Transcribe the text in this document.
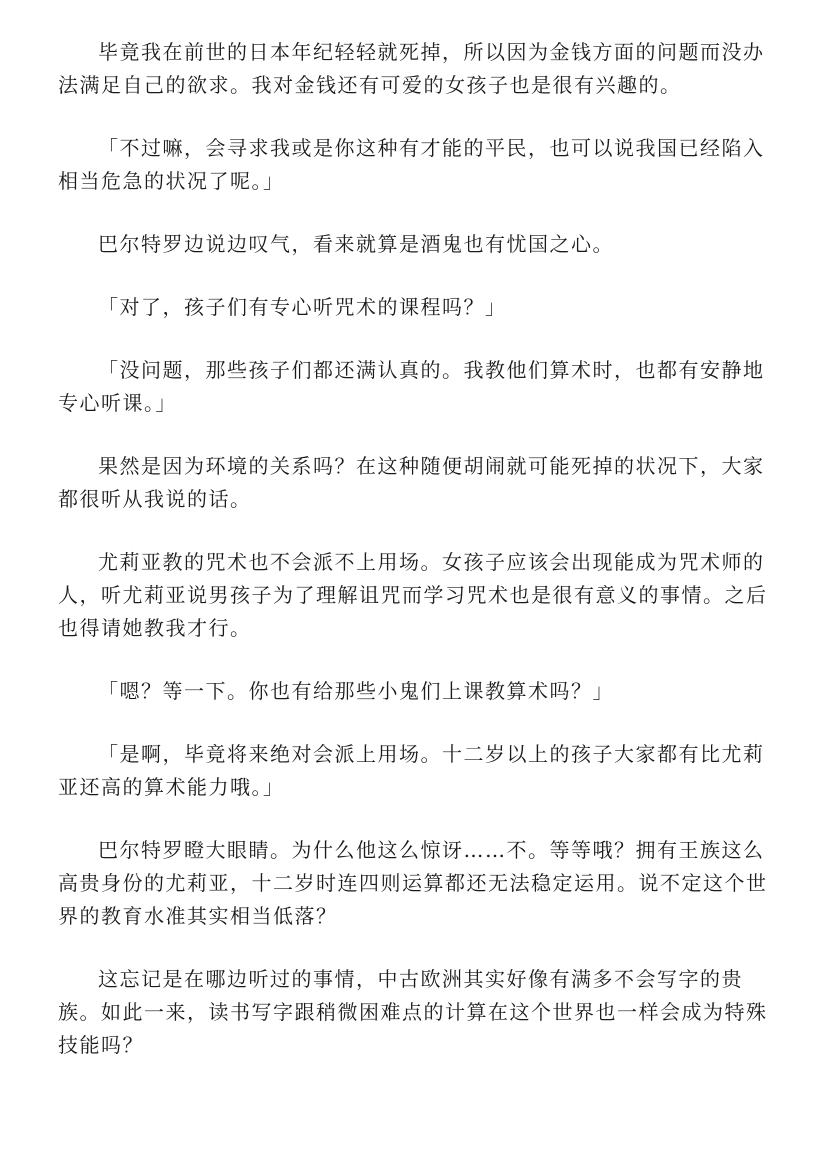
毕竟我在前世的日本年纪轻轻就死掉，所以因为金钱方面的问题而没办法满足自己的欲求。我对金钱还有可爱的女孩子也是很有兴趣的。

「不过嘛，会寻求我或是你这种有才能的平民，也可以说我国已经陷入相当危急的状况了呢。」

巴尔特罗边说边叹气，看来就算是酒鬼也有忧国之心。

「对了，孩子们有专心听咒术的课程吗？」

「没问题，那些孩子们都还满认真的。我教他们算术时，也都有安静地专心听课。」

果然是因为环境的关系吗？在这种随便胡闹就可能死掉的状况下，大家都很听从我说的话。

尤莉亚教的咒术也不会派不上用场。女孩子应该会出现能成为咒术师的人，听尤莉亚说男孩子为了理解诅咒而学习咒术也是很有意义的事情。之后也得请她教我才行。

「嗯？等一下。你也有给那些小鬼们上课教算术吗？」

「是啊，毕竟将来绝对会派上用场。十二岁以上的孩子大家都有比尤莉亚还高的算术能力哦。」

巴尔特罗瞪大眼睛。为什么他这么惊讶……不。等等哦？拥有王族这么高贵身份的尤莉亚，十二岁时连四则运算都还无法稳定运用。说不定这个世界的教育水准其实相当低落？

这忘记是在哪边听过的事情，中古欧洲其实好像有满多不会写字的贵族。如此一来，读书写字跟稍微困难点的计算在这个世界也一样会成为特殊技能吗？
